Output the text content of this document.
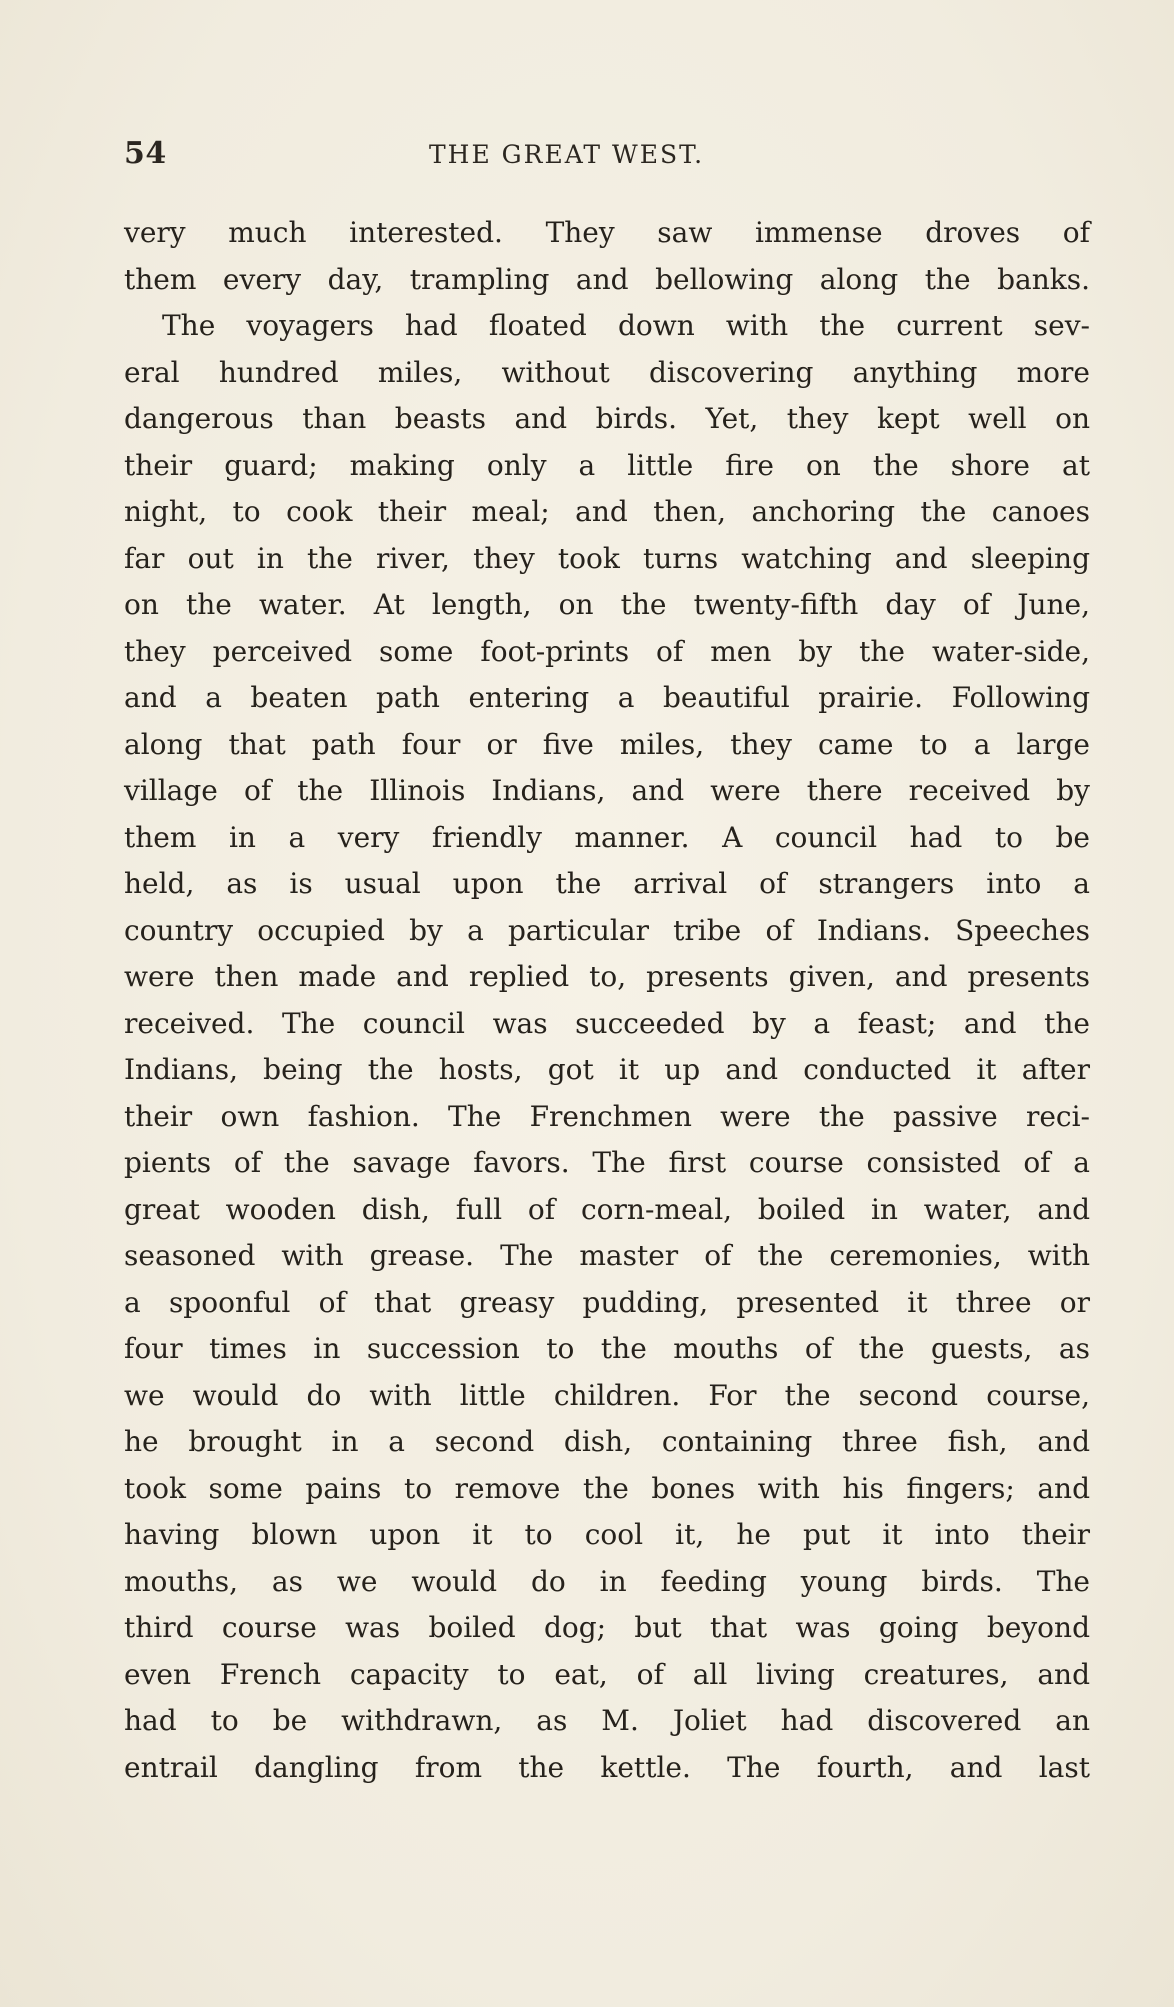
54	THE GREAT WEST.
very much interested. They saw immense droves of
them every day, trampling and bellowing along the banks.
The voyagers had floated down with the current sev-
eral hundred miles, without discovering anything more
dangerous than beasts and birds. Yet, they kept well on
their guard; making only a little fire on the shore at
night, to cook their meal; and then, anchoring the canoes
far out in the river, they took turns watching and sleeping
on the water. At length, on the twenty-fifth day of June,
they perceived some foot-prints of men by the water-side,
and a beaten path entering a beautiful prairie. Following
along that path four or five miles, they came to a large
village of the Illinois Indians, and were there received by
them in a very friendly manner. A council had to be
held, as is usual upon the arrival of strangers into a
country occupied by a particular tribe of Indians. Speeches
were then made and replied to, presents given, and presents
received. The council was succeeded by a feast; and the
Indians, being the hosts, got it up and conducted it after
their own fashion. The Frenchmen were the passive reci-
pients of the savage favors. The first course consisted of a
great wooden dish, full of corn-meal, boiled in water, and
seasoned with grease. The master of the ceremonies, with
a spoonful of that greasy pudding, presented it three or
four times in succession to the mouths of the guests, as
we would do with little children. For the second course,
he brought in a second dish, containing three fish, and
took some pains to remove the bones with his fingers; and
having blown upon it to cool it, he put it into their
mouths, as we would do in feeding young birds. The
third course was boiled dog; but that was going beyond
even French capacity to eat, of all living creatures, and
had to be withdrawn, as M. Joliet had discovered an
entrail dangling from the kettle. The fourth, and last
